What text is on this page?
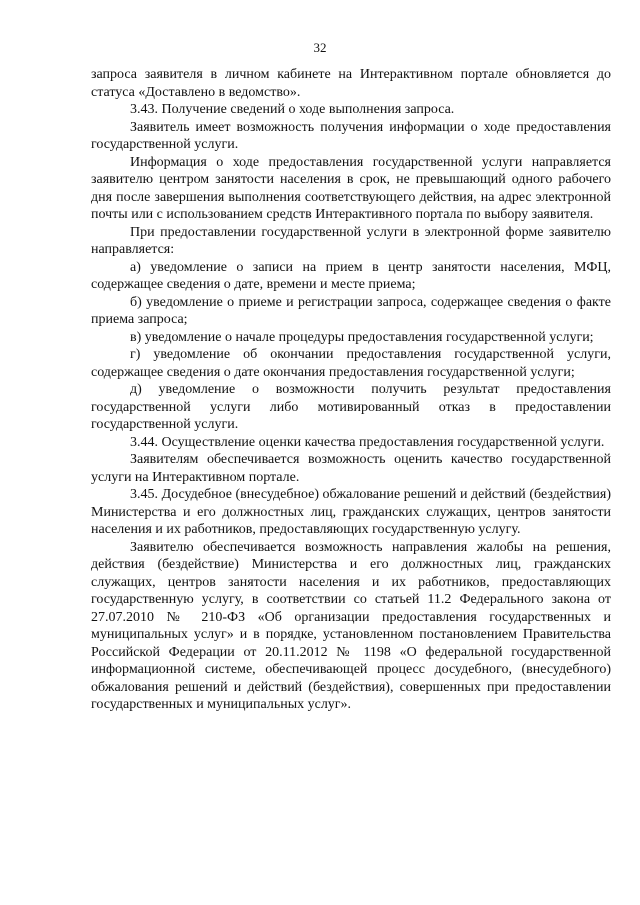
32

запроса заявителя в личном кабинете на Интерактивном портале обновляется до статуса «Доставлено в ведомство».

3.43. Получение сведений о ходе выполнения запроса.

Заявитель имеет возможность получения информации о ходе предоставления государственной услуги.

Информация о ходе предоставления государственной услуги направляется заявителю центром занятости населения в срок, не превышающий одного рабочего дня после завершения выполнения соответствующего действия, на адрес электронной почты или с использованием средств Интерактивного портала по выбору заявителя.

При предоставлении государственной услуги в электронной форме заявителю направляется:

а) уведомление о записи на прием в центр занятости населения, МФЦ, содержащее сведения о дате, времени и месте приема;

б) уведомление о приеме и регистрации запроса, содержащее сведения о факте приема запроса;

в) уведомление о начале процедуры предоставления государственной услуги;

г) уведомление об окончании предоставления государственной услуги, содержащее сведения о дате окончания предоставления государственной услуги;

д) уведомление о возможности получить результат предоставления государственной услуги либо мотивированный отказ в предоставлении государственной услуги.

3.44. Осуществление оценки качества предоставления государственной услуги.

Заявителям обеспечивается возможность оценить качество государственной услуги на Интерактивном портале.

3.45. Досудебное (внесудебное) обжалование решений и действий (бездействия) Министерства и его должностных лиц, гражданских служащих, центров занятости населения и их работников, предоставляющих государственную услугу.

Заявителю обеспечивается возможность направления жалобы на решения, действия (бездействие) Министерства и его должностных лиц, гражданских служащих, центров занятости населения и их работников, предоставляющих государственную услугу, в соответствии со статьей 11.2 Федерального закона от 27.07.2010 № 210-ФЗ «Об организации предоставления государственных и муниципальных услуг» и в порядке, установленном постановлением Правительства Российской Федерации от 20.11.2012 № 1198 «О федеральной государственной информационной системе, обеспечивающей процесс досудебного, (внесудебного) обжалования решений и действий (бездействия), совершенных при предоставлении государственных и муниципальных услуг».
